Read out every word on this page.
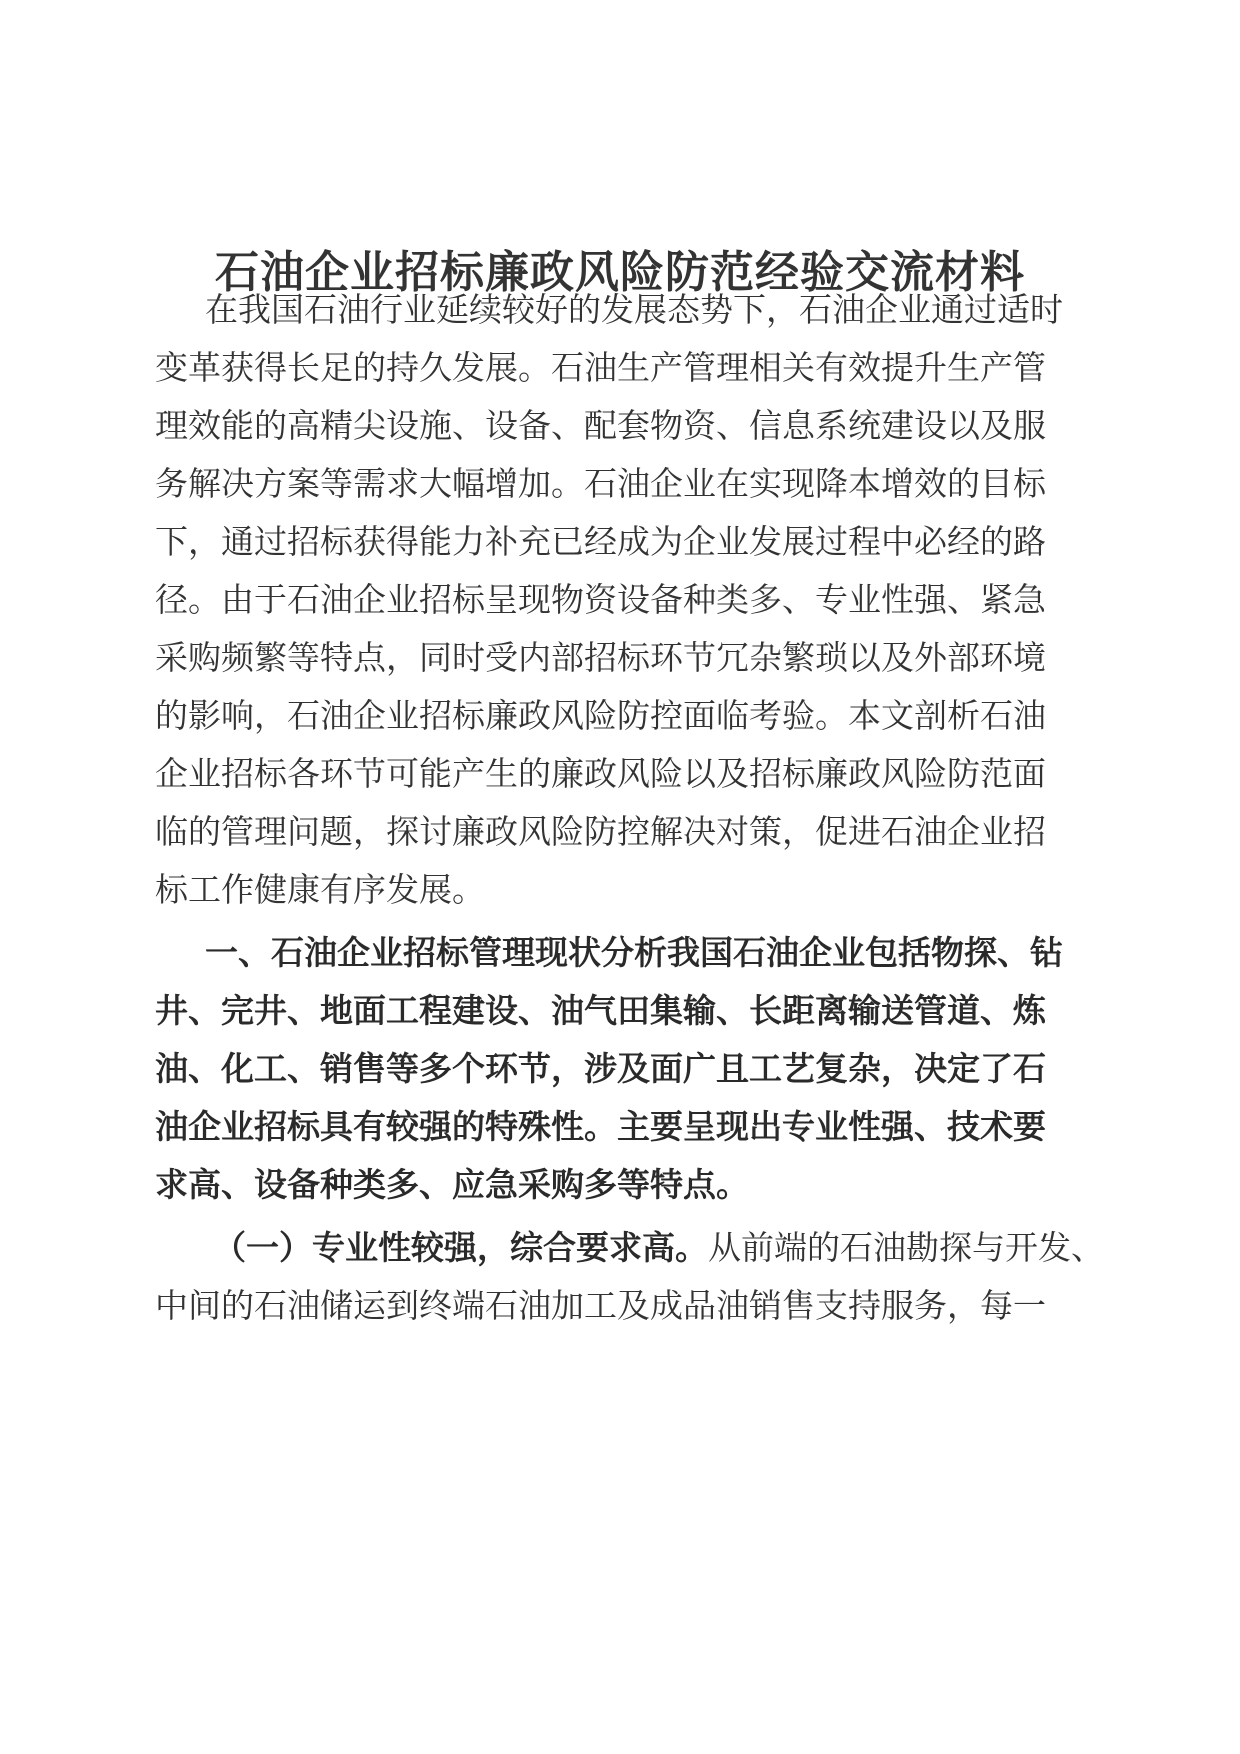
石油企业招标廉政风险防范经验交流材料
在我国石油行业延续较好的发展态势下，石油企业通过适时
变革获得长足的持久发展。石油生产管理相关有效提升生产管
理效能的高精尖设施、设备、配套物资、信息系统建设以及服
务解决方案等需求大幅增加。石油企业在实现降本增效的目标
下，通过招标获得能力补充已经成为企业发展过程中必经的路
径。由于石油企业招标呈现物资设备种类多、专业性强、紧急
采购频繁等特点，同时受内部招标环节冗杂繁琐以及外部环境
的影响，石油企业招标廉政风险防控面临考验。本文剖析石油
企业招标各环节可能产生的廉政风险以及招标廉政风险防范面
临的管理问题，探讨廉政风险防控解决对策，促进石油企业招
标工作健康有序发展。
一、石油企业招标管理现状分析我国石油企业包括物探、钻
井、完井、地面工程建设、油气田集输、长距离输送管道、炼
油、化工、销售等多个环节，涉及面广且工艺复杂，决定了石
油企业招标具有较强的特殊性。主要呈现出专业性强、技术要
求高、设备种类多、应急采购多等特点。
（一）专业性较强，综合要求高。从前端的石油勘探与开发、
中间的石油储运到终端石油加工及成品油销售支持服务，每一
